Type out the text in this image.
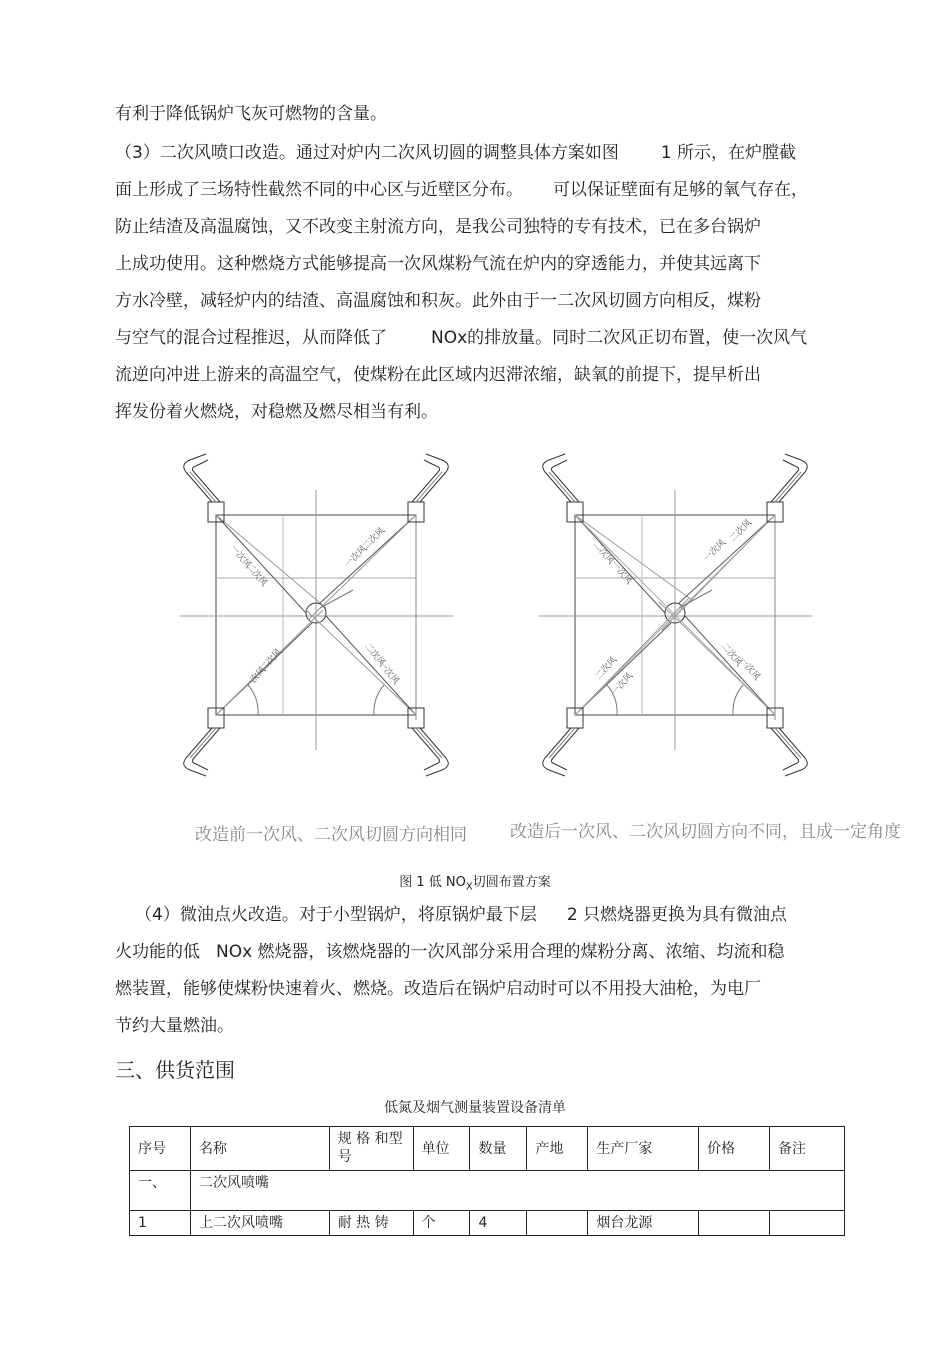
有利于降低锅炉飞灰可燃物的含量。
（3）二次风喷口改造。通过对炉内二次风切圆的调整具体方案如图 1 所示，在炉膛截
面上形成了三场特性截然不同的中心区与近壁区分布。 可以保证壁面有足够的氧气存在，
防止结渣及高温腐蚀，又不改变主射流方向，是我公司独特的专有技术，已在多台锅炉
上成功使用。这种燃烧方式能够提高一次风煤粉气流在炉内的穿透能力，并使其远离下
方水冷壁，减轻炉内的结渣、高温腐蚀和积灰。此外由于一二次风切圆方向相反，煤粉
与空气的混合过程推迟，从而降低了	NOx的排放量。同时二次风正切布置，使一次风气
流逆向冲进上游来的高温空气，使煤粉在此区域内迟滞浓缩，缺氧的前提下，提早析出
挥发份着火燃烧，对稳燃及燃尽相当有利。
一次风
二次风
一次风
二次风
一次风
二次风	二次风
一次风
二次风
一次风
一次风
二次风
二次风
一次风
二次风
一次风
改造前一次风、二次风切圆方向相同	改造后一次风、二次风切圆方向不同，且成一定角度
图 1 低 $NO_X$切圆布置方案
（4）微油点火改造。对于小型锅炉，将原锅炉最下层 2 只燃烧器更换为具有微油点
火功能的低 NOx 燃烧器，该燃烧器的一次风部分采用合理的煤粉分离、浓缩、均流和稳
燃装置，能够使煤粉快速着火、燃烧。改造后在锅炉启动时可以不用投大油枪，为电厂
节约大量燃油。
三、供货范围
低氮及烟气测量装置设备清单
序号	名称	规 格 和型号	单位	数量	产地	生产厂家	价格	备注
一、	二次风喷嘴							
1	上二次风喷嘴	耐 热 铸	个	4		烟台龙源		
